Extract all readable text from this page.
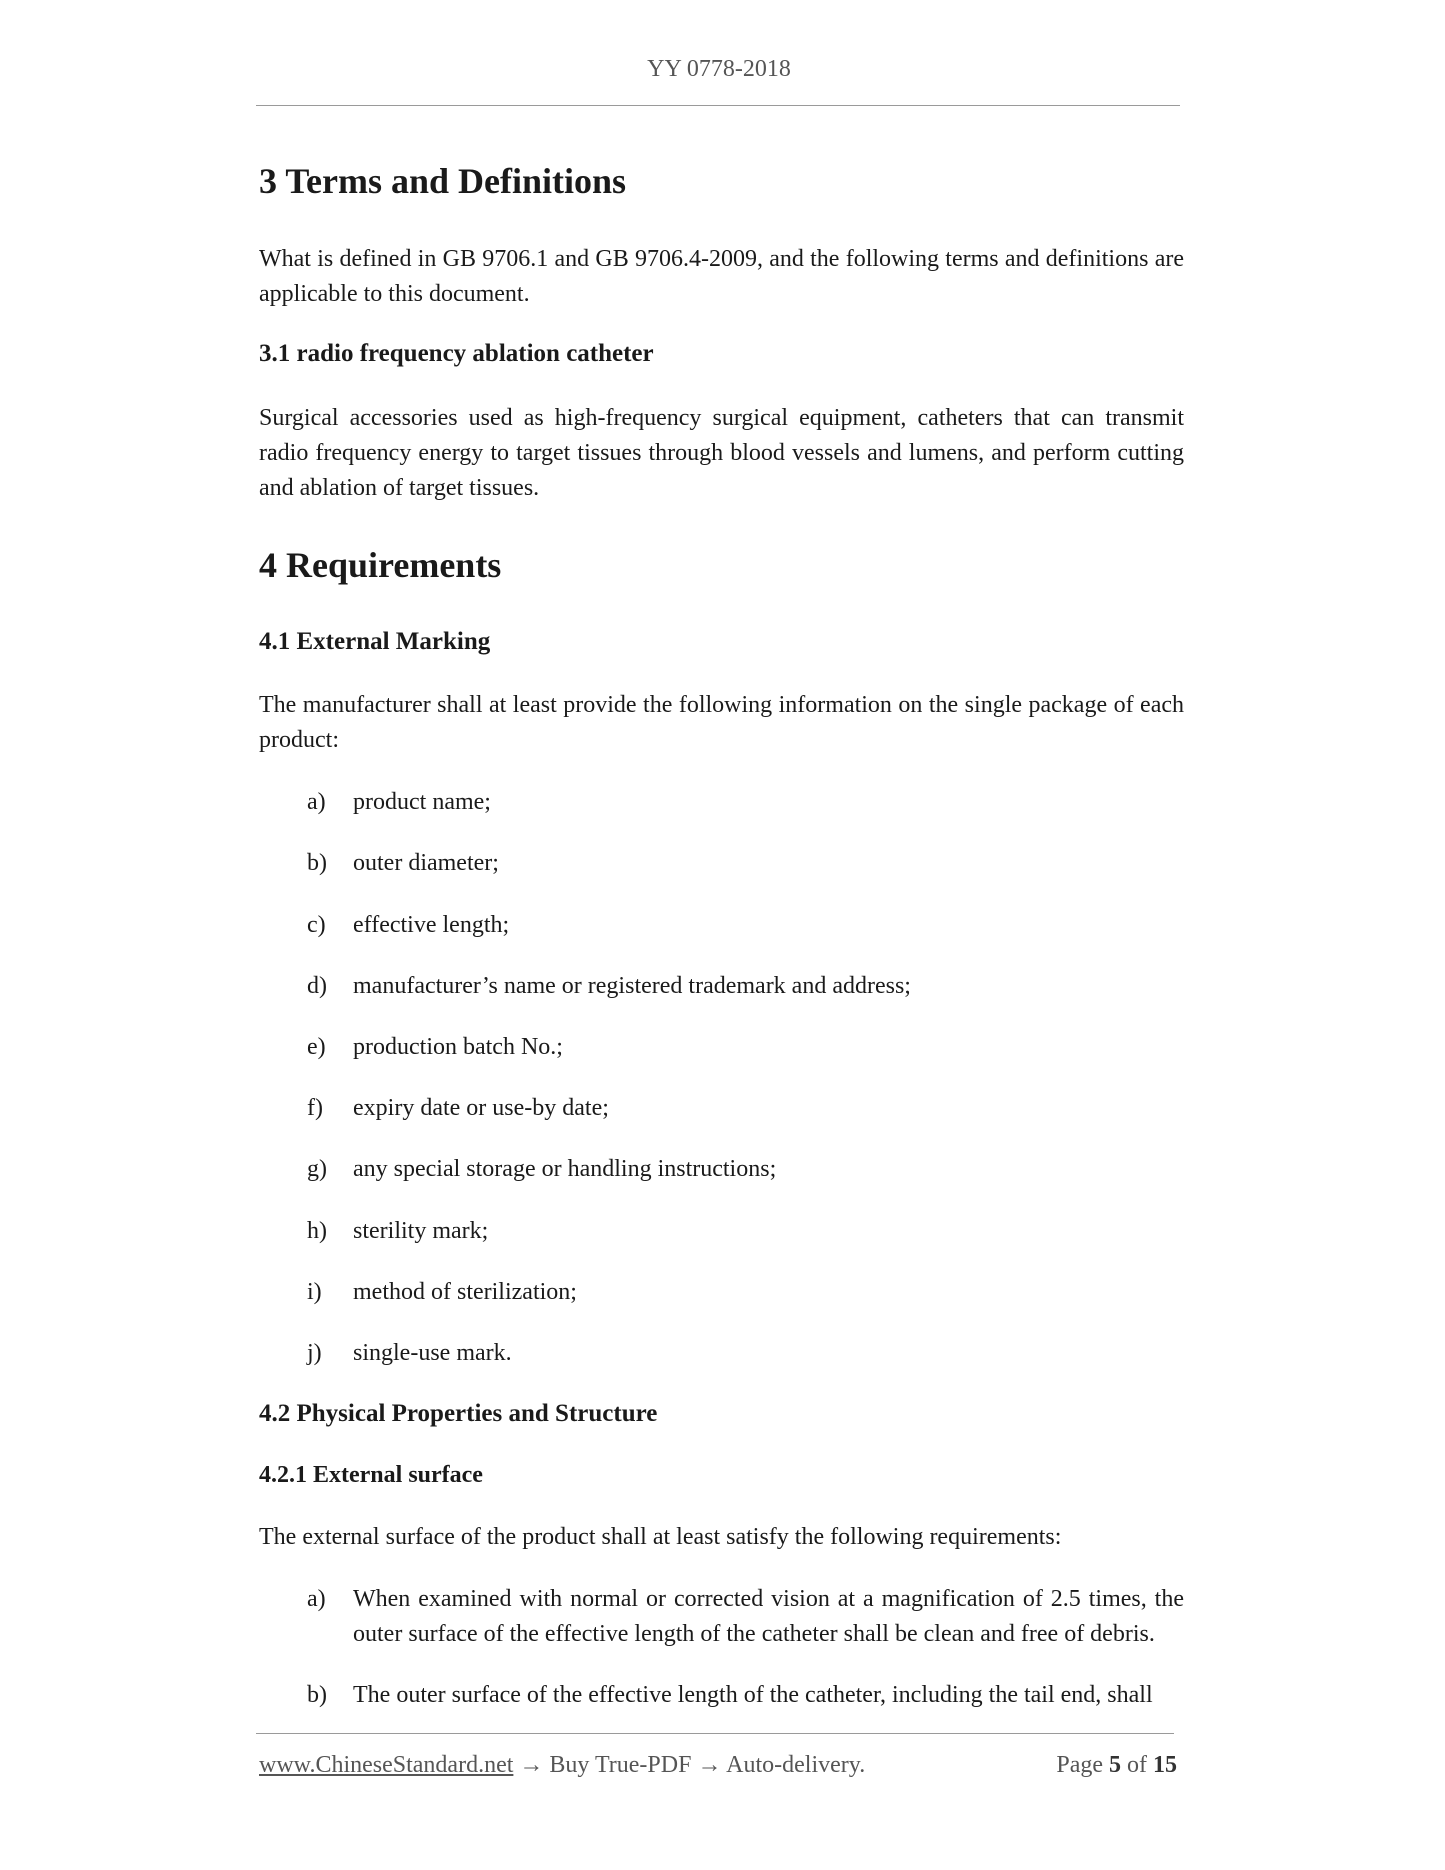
YY 0778-2018
3 Terms and Definitions

What is defined in GB 9706.1 and GB 9706.4-2009, and the following terms and definitions are applicable to this document.

3.1 radio frequency ablation catheter

Surgical accessories used as high-frequency surgical equipment, catheters that can transmit radio frequency energy to target tissues through blood vessels and lumens, and perform cutting and ablation of target tissues.

4 Requirements
4.1 External Marking

The manufacturer shall at least provide the following information on the single package of each product:

a) product name;
b) outer diameter;
c) effective length;
d) manufacturer’s name or registered trademark and address;
e) production batch No.;
f) expiry date or use-by date;
g) any special storage or handling instructions;
h) sterility mark;
i) method of sterilization;
j) single-use mark.
4.2 Physical Properties and Structure
4.2.1 External surface

The external surface of the product shall at least satisfy the following requirements:

a) When examined with normal or corrected vision at a magnification of 2.5 times, the outer surface of the effective length of the catheter shall be clean and free of debris.
b) The outer surface of the effective length of the catheter, including the tail end, shall
www.ChineseStandard.net → Buy True-PDF → Auto-delivery.	Page 5 of 15
